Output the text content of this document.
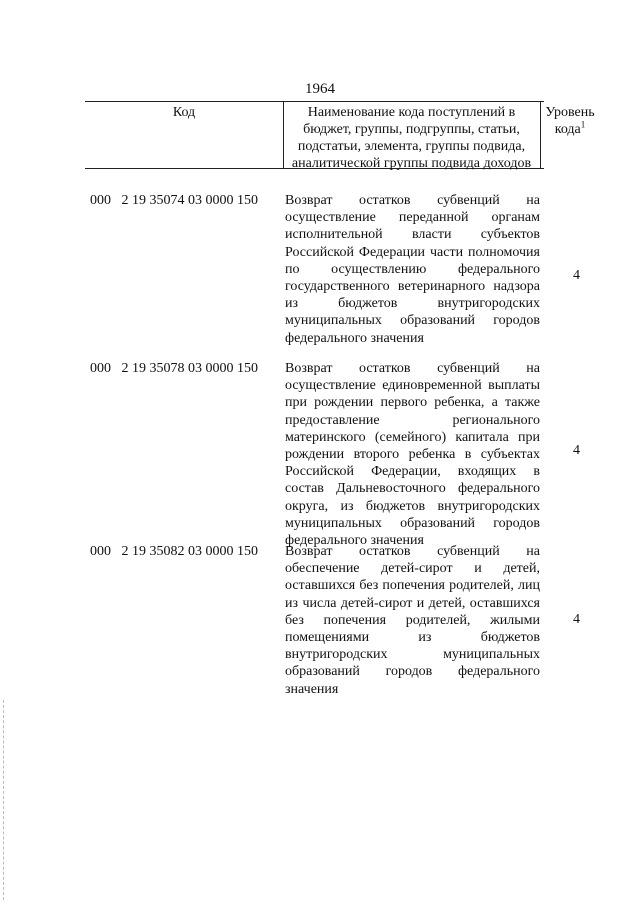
1964
Код	Наименование кода поступлений в бюджет, группы, подгруппы, статьи, подстатьи, элемента, группы подвида, аналитической группы подвида доходов
Уровень кода$^1$
000 2 19 35074 03 0000 150 Возврат остатков субвенций на осуществление переданной органам исполнительной власти субъектов Российской Федерации части полномочия по осуществлению федерального государственного ветеринарного надзора из бюджетов внутригородских муниципальных образований городов федерального значения
4
000 2 19 35078 03 0000 150 Возврат остатков субвенций на осуществление единовременной выплаты при рождении первого ребенка, а также предоставление регионального материнского (семейного) капитала при рождении второго ребенка в субъектах Российской Федерации, входящих в состав Дальневосточного федерального округа, из бюджетов внутригородских муниципальных образований городов федерального значения
4
000 2 19 35082 03 0000 150 Возврат остатков субвенций на обеспечение детей-сирот и детей, оставшихся без попечения родителей, лиц из числа детей-сирот и детей, оставшихся без попечения родителей, жилыми помещениями из бюджетов внутригородских муниципальных образований городов федерального значения
4
